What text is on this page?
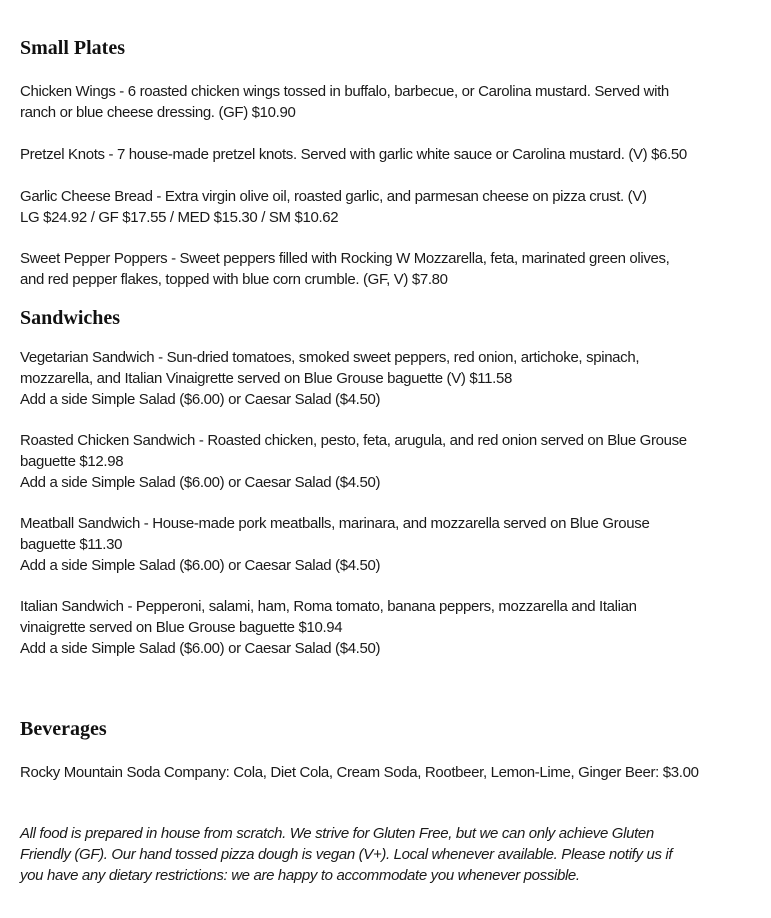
Small Plates
Chicken Wings - 6 roasted chicken wings tossed in buffalo, barbecue, or Carolina mustard. Served with
ranch or blue cheese dressing. (GF) $10.90
Pretzel Knots - 7 house-made pretzel knots. Served with garlic white sauce or Carolina mustard. (V) $6.50
Garlic Cheese Bread - Extra virgin olive oil, roasted garlic, and parmesan cheese on pizza crust. (V)
LG $24.92 / GF $17.55 / MED $15.30 / SM $10.62
Sweet Pepper Poppers - Sweet peppers filled with Rocking W Mozzarella, feta, marinated green olives,
and red pepper flakes, topped with blue corn crumble. (GF, V) $7.80
Sandwiches
Vegetarian Sandwich - Sun-dried tomatoes, smoked sweet peppers, red onion, artichoke, spinach,
mozzarella, and Italian Vinaigrette served on Blue Grouse baguette (V) $11.58
Add a side Simple Salad ($6.00) or Caesar Salad ($4.50)
Roasted Chicken Sandwich - Roasted chicken, pesto, feta, arugula, and red onion served on Blue Grouse
baguette $12.98
Add a side Simple Salad ($6.00) or Caesar Salad ($4.50)
Meatball Sandwich - House-made pork meatballs, marinara, and mozzarella served on Blue Grouse
baguette $11.30
Add a side Simple Salad ($6.00) or Caesar Salad ($4.50)
Italian Sandwich - Pepperoni, salami, ham, Roma tomato, banana peppers, mozzarella and Italian
vinaigrette served on Blue Grouse baguette $10.94
Add a side Simple Salad ($6.00) or Caesar Salad ($4.50)
Beverages
Rocky Mountain Soda Company: Cola, Diet Cola, Cream Soda, Rootbeer, Lemon-Lime, Ginger Beer: $3.00
All food is prepared in house from scratch. We strive for Gluten Free, but we can only achieve Gluten
Friendly (GF). Our hand tossed pizza dough is vegan (V+). Local whenever available. Please notify us if
you have any dietary restrictions: we are happy to accommodate you whenever possible.
